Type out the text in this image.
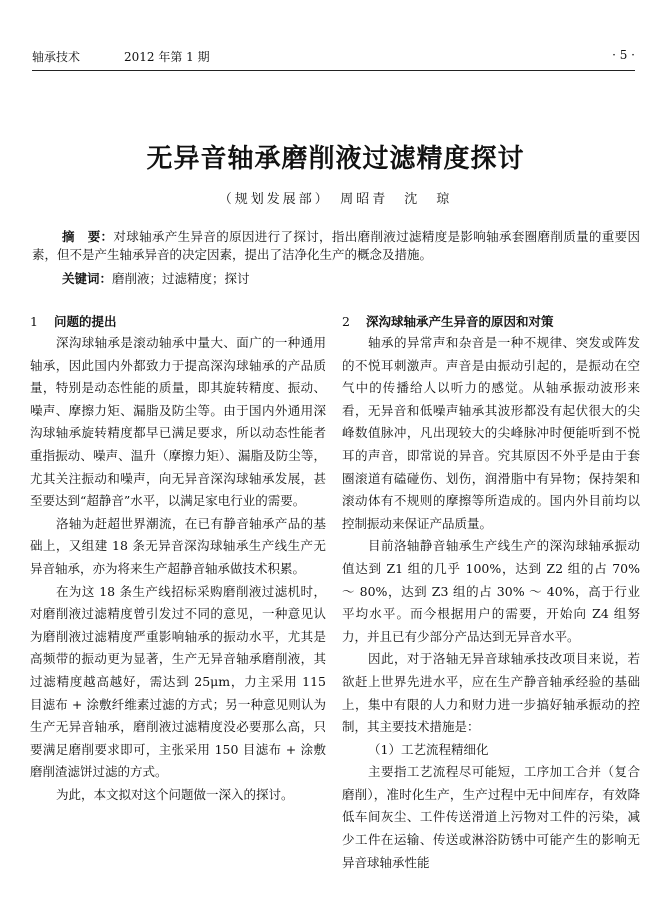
轴承技术	2012 年第 1 期	· 5 ·
无异音轴承磨削液过滤精度探讨
（规划发展部）　周昭青　沈　琼
摘　要：对球轴承产生异音的原因进行了探讨，指出磨削液过滤精度是影响轴承套圈磨削质量的重要因素，但不是产生轴承异音的决定因素，提出了洁净化生产的概念及措施。
关键词：磨削液；过滤精度；探讨
1 问题的提出

深沟球轴承是滚动轴承中量大、面广的一种通用轴承，因此国内外都致力于提高深沟球轴承的产品质量，特别是动态性能的质量，即其旋转精度、振动、噪声、摩擦力矩、漏脂及防尘等。由于国内外通用深沟球轴承旋转精度都早已满足要求，所以动态性能者重指振动、噪声、温升（摩擦力矩）、漏脂及防尘等，尤其关注振动和噪声，向无异音深沟球轴承发展，甚至要达到“超静音”水平，以满足家电行业的需要。

洛轴为赶超世界潮流，在已有静音轴承产品的基础上，又组建 18 条无异音深沟球轴承生产线生产无异音轴承，亦为将来生产超静音轴承做技术积累。

在为这 18 条生产线招标采购磨削液过滤机时，对磨削液过滤精度曾引发过不同的意见，一种意见认为磨削液过滤精度严重影响轴承的振动水平，尤其是高频带的振动更为显著，生产无异音轴承磨削液，其过滤精度越高越好，需达到 25μm，力主采用 115 目滤布 + 涂敷纤维素过滤的方式；另一种意见则认为生产无异音轴承，磨削液过滤精度没必要那么高，只要满足磨削要求即可，主张采用 150 目滤布 + 涂敷磨削渣滤饼过滤的方式。

为此，本文拟对这个问题做一深入的探讨。

2 深沟球轴承产生异音的原因和对策

轴承的异常声和杂音是一种不规律、突发或阵发的不悦耳刺激声。声音是由振动引起的，是振动在空气中的传播给人以听力的感觉。从轴承振动波形来看，无异音和低噪声轴承其波形都没有起伏很大的尖峰数值脉冲，凡出现较大的尖峰脉冲时便能听到不悦耳的声音，即常说的异音。究其原因不外乎是由于套圈滚道有磕碰伤、划伤，润滑脂中有异物；保持架和滚动体有不规则的摩擦等所造成的。国内外目前均以控制振动来保证产品质量。

目前洛轴静音轴承生产线生产的深沟球轴承振动值达到 Z1 组的几乎 100%，达到 Z2 组的占 70% ～ 80%，达到 Z3 组的占 30% ～ 40%，高于行业平均水平。而今根据用户的需要，开始向 Z4 组努力，并且已有少部分产品达到无异音水平。

因此，对于洛轴无异音球轴承技改项目来说，若欲赶上世界先进水平，应在生产静音轴承经验的基础上，集中有限的人力和财力进一步搞好轴承振动的控制，其主要技术措施是：

（1）工艺流程精细化

主要指工艺流程尽可能短，工序加工合并（复合磨削），准时化生产，生产过程中无中间库存，有效降低车间灰尘、工件传送滑道上污物对工件的污染，减少工件在运输、传送或淋浴防锈中可能产生的影响无异音球轴承性能
